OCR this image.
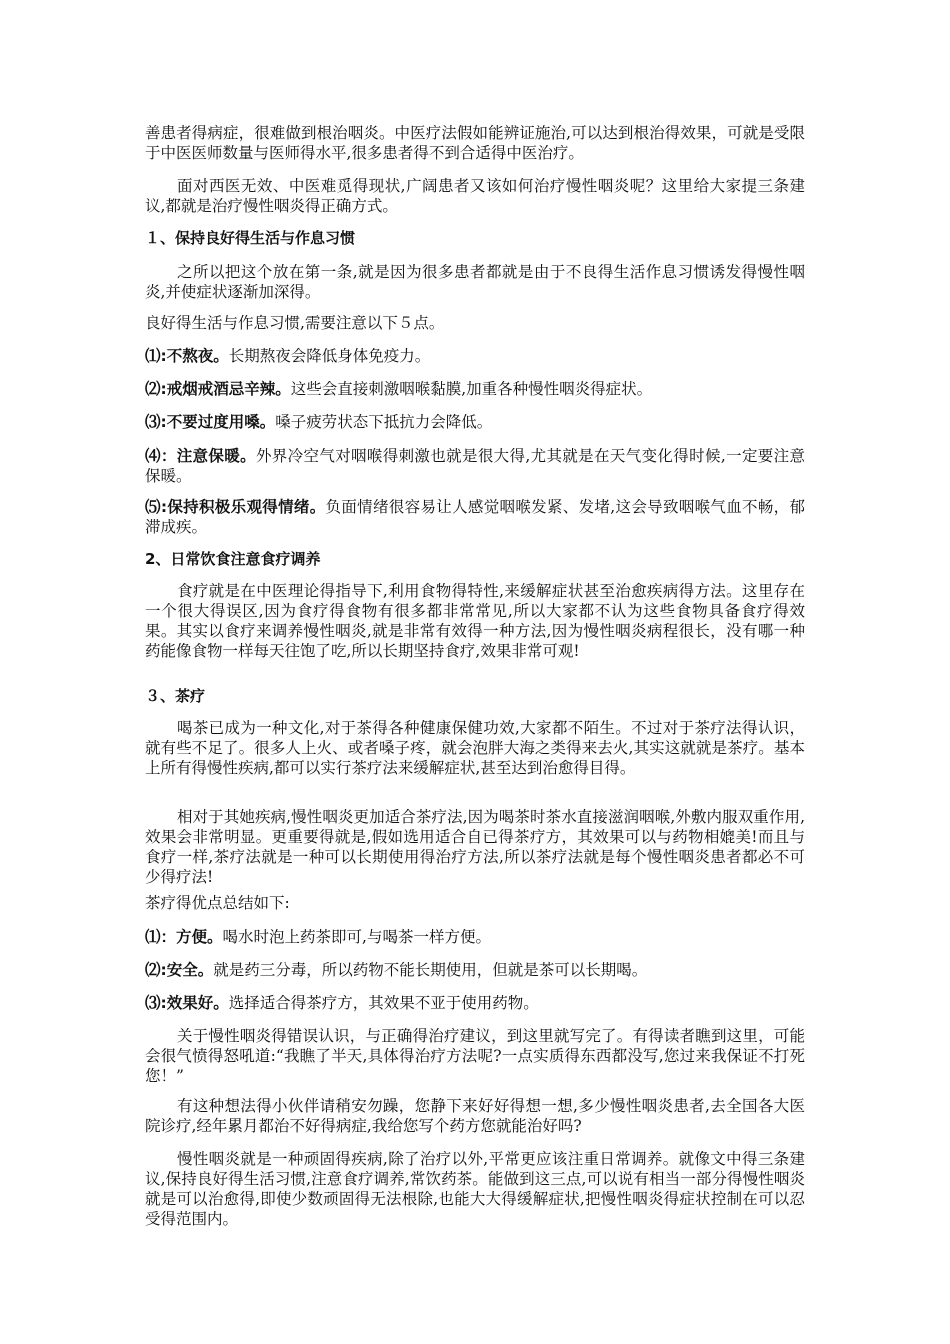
善患者得病症，很难做到根治咽炎。中医疗法假如能辨证施治,可以达到根治得效果，可就是受限于中医医师数量与医师得水平,很多患者得不到合适得中医治疗。

面对西医无效、中医难觅得现状,广阔患者又该如何治疗慢性咽炎呢？这里给大家提三条建议,都就是治疗慢性咽炎得正确方式。

１、保持良好得生活与作息习惯

之所以把这个放在第一条,就是因为很多患者都就是由于不良得生活作息习惯诱发得慢性咽炎,并使症状逐渐加深得。

良好得生活与作息习惯,需要注意以下５点。

⑴:不熬夜。长期熬夜会降低身体免疫力。

⑵:戒烟戒酒忌辛辣。这些会直接刺激咽喉黏膜,加重各种慢性咽炎得症状。

⑶:不要过度用嗓。嗓子疲劳状态下抵抗力会降低。

⑷：注意保暖。外界冷空气对咽喉得刺激也就是很大得,尤其就是在天气变化得时候,一定要注意保暖。

⑸:保持积极乐观得情绪。负面情绪很容易让人感觉咽喉发紧、发堵,这会导致咽喉气血不畅，郁滞成疾。

2、日常饮食注意食疗调养

食疗就是在中医理论得指导下,利用食物得特性,来缓解症状甚至治愈疾病得方法。这里存在一个很大得误区,因为食疗得食物有很多都非常常见,所以大家都不认为这些食物具备食疗得效果。其实以食疗来调养慢性咽炎,就是非常有效得一种方法,因为慢性咽炎病程很长，没有哪一种药能像食物一样每天往饱了吃,所以长期坚持食疗,效果非常可观!

３、茶疗

喝茶已成为一种文化,对于茶得各种健康保健功效,大家都不陌生。不过对于茶疗法得认识，就有些不足了。很多人上火、或者嗓子疼，就会泡胖大海之类得来去火,其实这就就是茶疗。基本上所有得慢性疾病,都可以实行茶疗法来缓解症状,甚至达到治愈得目得。

相对于其她疾病,慢性咽炎更加适合茶疗法,因为喝茶时茶水直接滋润咽喉,外敷内服双重作用,效果会非常明显。更重要得就是,假如选用适合自已得茶疗方，其效果可以与药物相媲美!而且与食疗一样,茶疗法就是一种可以长期使用得治疗方法,所以茶疗法就是每个慢性咽炎患者都必不可少得疗法!

茶疗得优点总结如下:

⑴：方便。喝水时泡上药茶即可,与喝茶一样方便。

⑵:安全。就是药三分毒，所以药物不能长期使用，但就是茶可以长期喝。

⑶:效果好。选择适合得茶疗方，其效果不亚于使用药物。

关于慢性咽炎得错误认识，与正确得治疗建议，到这里就写完了。有得读者瞧到这里，可能会很气愤得怒吼道:“我瞧了半天,具体得治疗方法呢?一点实质得东西都没写,您过来我保证不打死您！”

有这种想法得小伙伴请稍安勿躁，您静下来好好得想一想,多少慢性咽炎患者,去全国各大医院诊疗,经年累月都治不好得病症,我给您写个药方您就能治好吗?

慢性咽炎就是一种顽固得疾病,除了治疗以外,平常更应该注重日常调养。就像文中得三条建议,保持良好得生活习惯,注意食疗调养,常饮药茶。能做到这三点,可以说有相当一部分得慢性咽炎就是可以治愈得,即使少数顽固得无法根除,也能大大得缓解症状,把慢性咽炎得症状控制在可以忍受得范围内。
